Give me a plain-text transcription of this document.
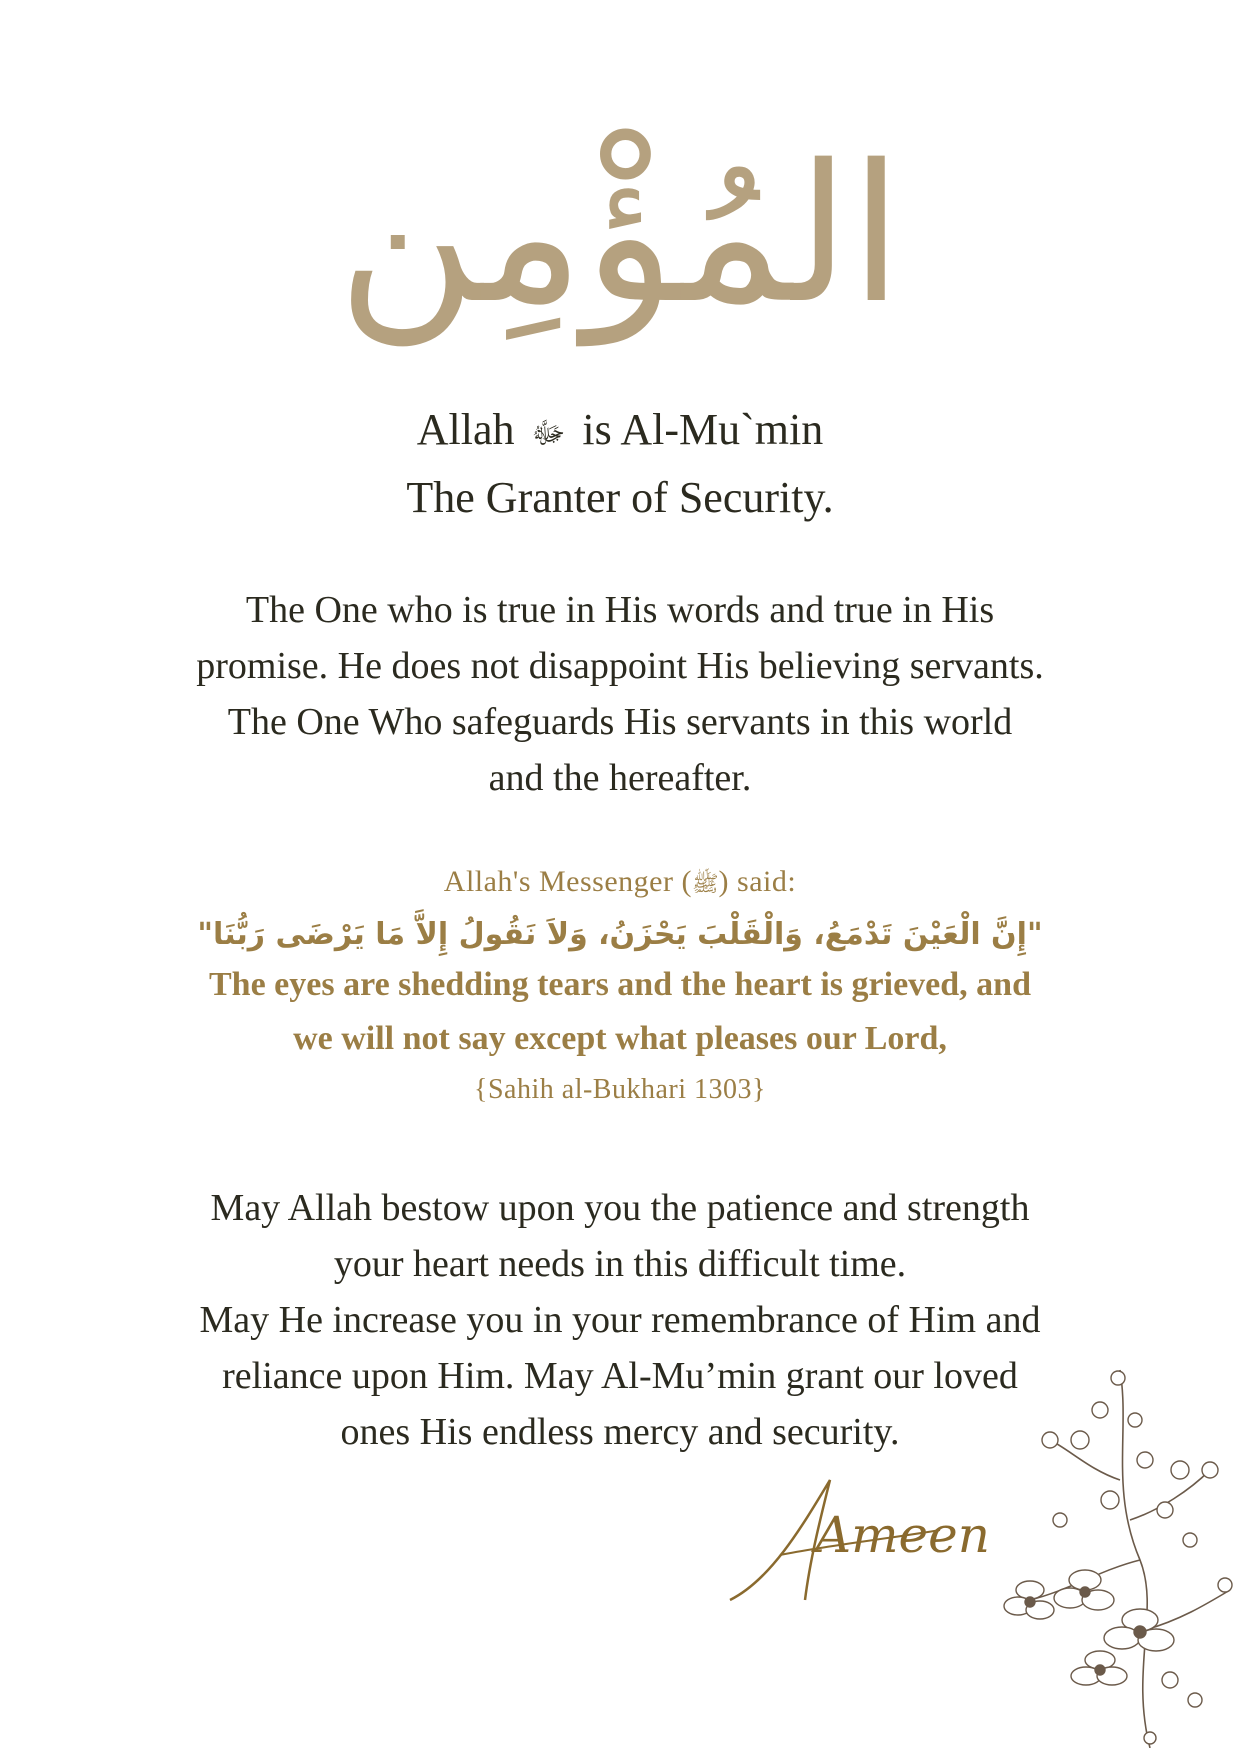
المُؤْمِن
Allah ﷻ is Al-Mu`min
The Granter of Security.
The One who is true in His words and true in His
promise. He does not disappoint His believing servants.
The One Who safeguards His servants in this world
and the hereafter.
Allah's Messenger (ﷺ) said:
"إِنَّ الْعَيْنَ تَدْمَعُ، وَالْقَلْبَ يَحْزَنُ، وَلاَ نَقُولُ إِلاَّ مَا يَرْضَى رَبُّنَا"
The eyes are shedding tears and the heart is grieved, and
we will not say except what pleases our Lord,
{Sahih al-Bukhari 1303}
May Allah bestow upon you the patience and strength
your heart needs in this difficult time.
May He increase you in your remembrance of Him and
reliance upon Him. May Al-Mu’min grant our loved
ones His endless mercy and security.
Ameen
